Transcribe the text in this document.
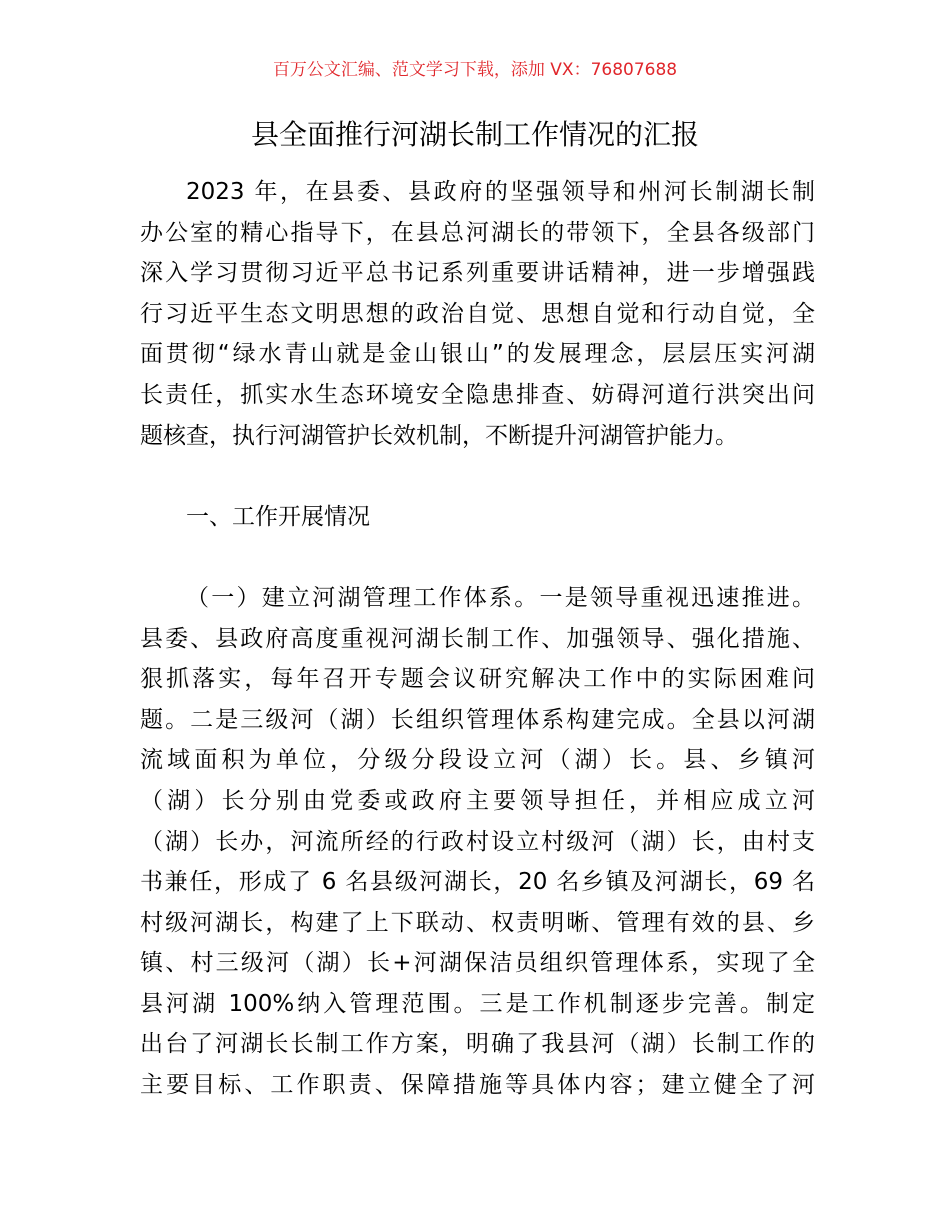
百万公文汇编、范文学习下载，添加 VX：76807688
县全面推行河湖长制工作情况的汇报
2023 年，在县委、县政府的坚强领导和州河长制湖长制
办公室的精心指导下，在县总河湖长的带领下，全县各级部门
深入学习贯彻习近平总书记系列重要讲话精神，进一步增强践
行习近平生态文明思想的政治自觉、思想自觉和行动自觉，全
面贯彻“绿水青山就是金山银山”的发展理念，层层压实河湖
长责任，抓实水生态环境安全隐患排查、妨碍河道行洪突出问
题核查，执行河湖管护长效机制，不断提升河湖管护能力。
一、工作开展情况
（一）建立河湖管理工作体系。一是领导重视迅速推进。
县委、县政府高度重视河湖长制工作、加强领导、强化措施、
狠抓落实，每年召开专题会议研究解决工作中的实际困难问
题。二是三级河（湖）长组织管理体系构建完成。全县以河湖
流域面积为单位，分级分段设立河（湖）长。县、乡镇河
（湖）长分别由党委或政府主要领导担任，并相应成立河
（湖）长办，河流所经的行政村设立村级河（湖）长，由村支
书兼任，形成了 6 名县级河湖长，20 名乡镇及河湖长，69 名
村级河湖长，构建了上下联动、权责明晰、管理有效的县、乡
镇、村三级河（湖）长+河湖保洁员组织管理体系，实现了全
县河湖 100%纳入管理范围。三是工作机制逐步完善。制定
出台了河湖长长制工作方案，明确了我县河（湖）长制工作的
主要目标、工作职责、保障措施等具体内容；建立健全了河
